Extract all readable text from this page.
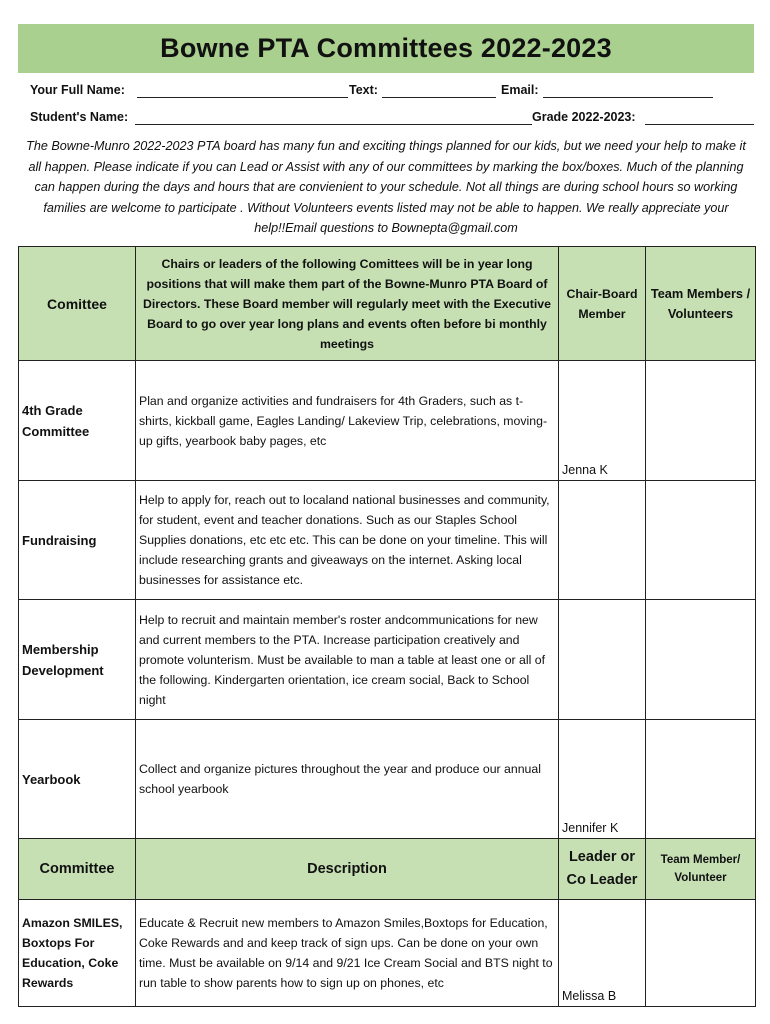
Bowne PTA Committees 2022-2023
Your Full Name:	Text:	Email:
Student's Name:	Grade 2022-2023:
The Bowne-Munro 2022-2023 PTA board has many fun and exciting things planned for our kids, but we need your help to make it all happen. Please indicate if you can Lead or Assist with any of our committees by marking the box/boxes. Much of the planning can happen during the days and hours that are convienient to your schedule. Not all things are during school hours so working families are welcome to participate . Without Volunteers events listed may not be able to happen. We really appreciate your help!!Email questions to Bownepta@gmail.com
Comittee	Chairs or leaders of the following Comittees will be in year long positions that will make them part of the Bowne-Munro PTA Board of Directors. These Board member will regularly meet with the Executive Board to go over year long plans and events often before bi monthly meetings	Chair-Board Member	Team Members / Volunteers
4th Grade Committee	Plan and organize activities and fundraisers for 4th Graders, such as t-shirts, kickball game, Eagles Landing/ Lakeview Trip, celebrations, moving-up gifts, yearbook baby pages, etc	Jenna K	
Fundraising	Help to apply for, reach out to localand national businesses and community, for student, event and teacher donations. Such as our Staples School Supplies donations, etc etc etc. This can be done on your timeline. This will include researching grants and giveaways on the internet. Asking local businesses for assistance etc.		
Membership Development	Help to recruit and maintain member's roster andcommunications for new and current members to the PTA. Increase participation creatively and promote volunterism. Must be available to man a table at least one or all of the following. Kindergarten orientation, ice cream social, Back to School night		
Yearbook	Collect and organize pictures throughout the year and produce our annual school yearbook	Jennifer K	
Committee	Description	Leader or Co Leader	Team Member/ Volunteer
Amazon SMILES, Boxtops For Education, Coke Rewards	Educate & Recruit new members to Amazon Smiles,Boxtops for Education, Coke Rewards and and keep track of sign ups. Can be done on your own time. Must be available on 9/14 and 9/21 Ice Cream Social and BTS night to run table to show parents how to sign up on phones, etc	Melissa B	
